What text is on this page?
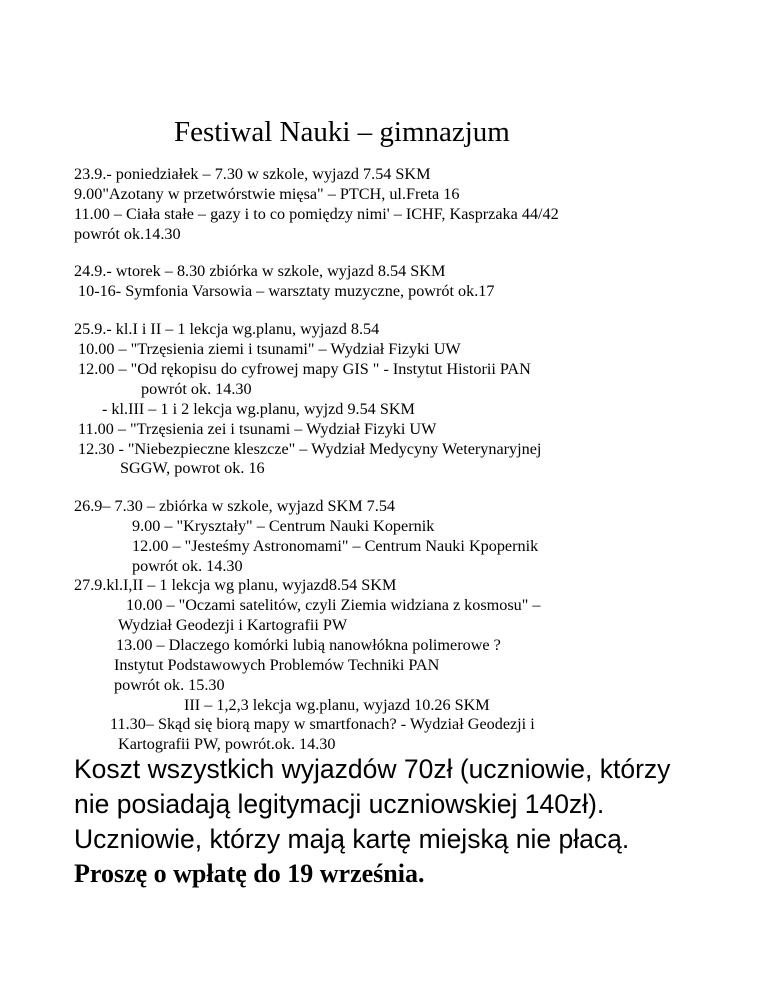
Festiwal Nauki – gimnazjum
23.9.- poniedziałek – 7.30 w szkole, wyjazd 7.54 SKM
9.00"Azotany w przetwórstwie mięsa" – PTCH, ul.Freta 16
11.00 – Ciała stałe – gazy i to co pomiędzy nimi' – ICHF, Kasprzaka 44/42
powrót ok.14.30
24.9.- wtorek – 8.30 zbiórka w szkole, wyjazd 8.54 SKM
10-16- Symfonia Varsowia – warsztaty muzyczne, powrót ok.17
25.9.- kl.I i II – 1 lekcja wg.planu, wyjazd 8.54
10.00 – "Trzęsienia ziemi i tsunami" – Wydział Fizyki UW
12.00 – "Od rękopisu do cyfrowej mapy GIS " - Instytut Historii PAN
powrót ok. 14.30
- kl.III – 1 i 2 lekcja wg.planu, wyjzd 9.54 SKM
11.00 – "Trzęsienia zei i tsunami – Wydział Fizyki UW
12.30 - "Niebezpieczne kleszcze" – Wydział Medycyny Weterynaryjnej
SGGW, powrot ok. 16
26.9– 7.30 – zbiórka w szkole, wyjazd SKM 7.54
9.00 – "Kryształy" – Centrum Nauki Kopernik
12.00 – "Jesteśmy Astronomami" – Centrum Nauki Kpopernik
powrót ok. 14.30
27.9.kl.I,II – 1 lekcja wg planu, wyjazd8.54 SKM
10.00 – "Oczami satelitów, czyli Ziemia widziana z kosmosu" –
Wydział Geodezji i Kartografii PW
13.00 – Dlaczego komórki lubią nanowłókna polimerowe ?
Instytut Podstawowych Problemów Techniki PAN
powrót ok. 15.30
III – 1,2,3 lekcja wg.planu, wyjazd 10.26 SKM
11.30– Skąd się biorą mapy w smartfonach? - Wydział Geodezji i
Kartografii PW, powrót.ok. 14.30
Koszt wszystkich wyjazdów 70zł (uczniowie, którzy
nie posiadają legitymacji uczniowskiej 140zł).
Uczniowie, którzy mają kartę miejską nie płacą.
Proszę o wpłatę do 19 września.
